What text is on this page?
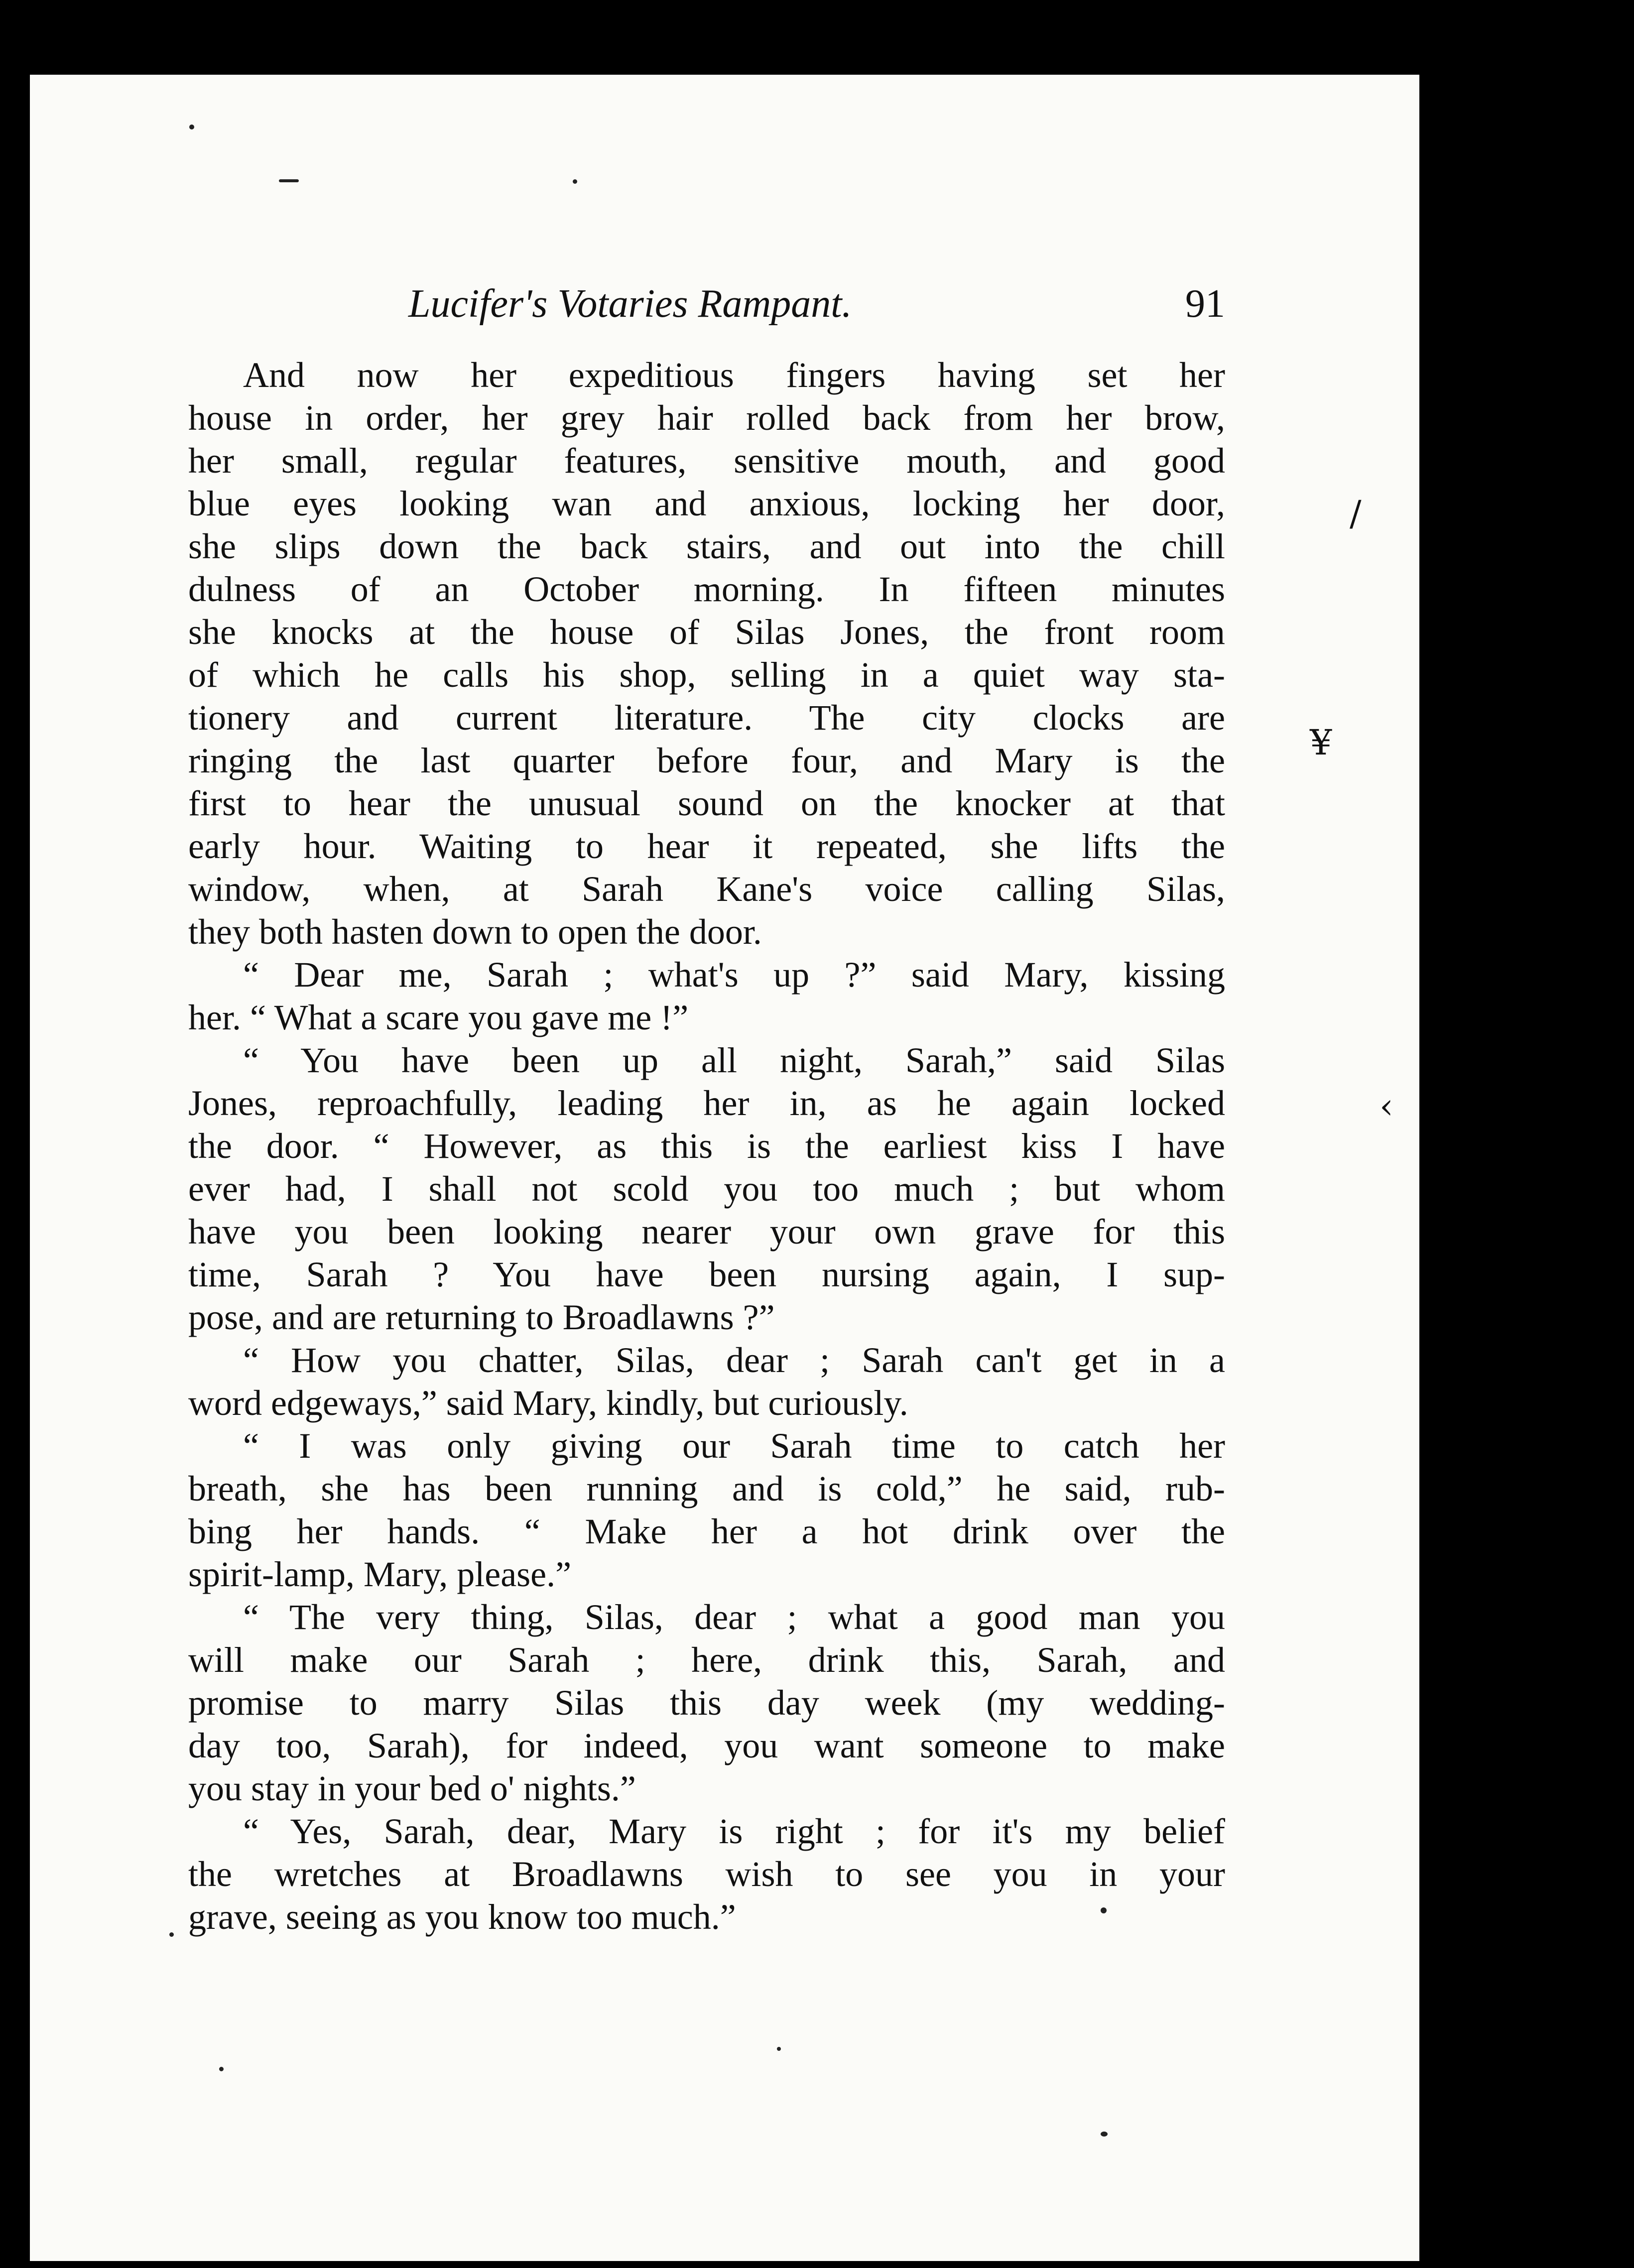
Lucifer's Votaries Rampant.	91
And now her expeditious fingers having set her
house in order, her grey hair rolled back from her brow,
her small, regular features, sensitive mouth, and good
blue eyes looking wan and anxious, locking her door,
she slips down the back stairs, and out into the chill
dulness of an October morning. In fifteen minutes
she knocks at the house of Silas Jones, the front room
of which he calls his shop, selling in a quiet way sta-
tionery and current literature. The city clocks are
ringing the last quarter before four, and Mary is the
first to hear the unusual sound on the knocker at that
early hour. Waiting to hear it repeated, she lifts the
window, when, at Sarah Kane's voice calling Silas,
they both hasten down to open the door.
“ Dear me, Sarah ; what's up ?” said Mary, kissing
her. “ What a scare you gave me !”
“ You have been up all night, Sarah,” said Silas
Jones, reproachfully, leading her in, as he again locked
the door. “ However, as this is the earliest kiss I have
ever had, I shall not scold you too much ; but whom
have you been looking nearer your own grave for this
time, Sarah ? You have been nursing again, I sup-
pose, and are returning to Broadlawns ?”
“ How you chatter, Silas, dear ; Sarah can't get in a
word edgeways,” said Mary, kindly, but curiously.
“ I was only giving our Sarah time to catch her
breath, she has been running and is cold,” he said, rub-
bing her hands. “ Make her a hot drink over the
spirit-lamp, Mary, please.”
“ The very thing, Silas, dear ; what a good man you
will make our Sarah ; here, drink this, Sarah, and
promise to marry Silas this day week (my wedding-
day too, Sarah), for indeed, you want someone to make
you stay in your bed o' nights.”
“ Yes, Sarah, dear, Mary is right ; for it's my belief
the wretches at Broadlawns wish to see you in your
grave, seeing as you know too much.”
/
¥
‹
